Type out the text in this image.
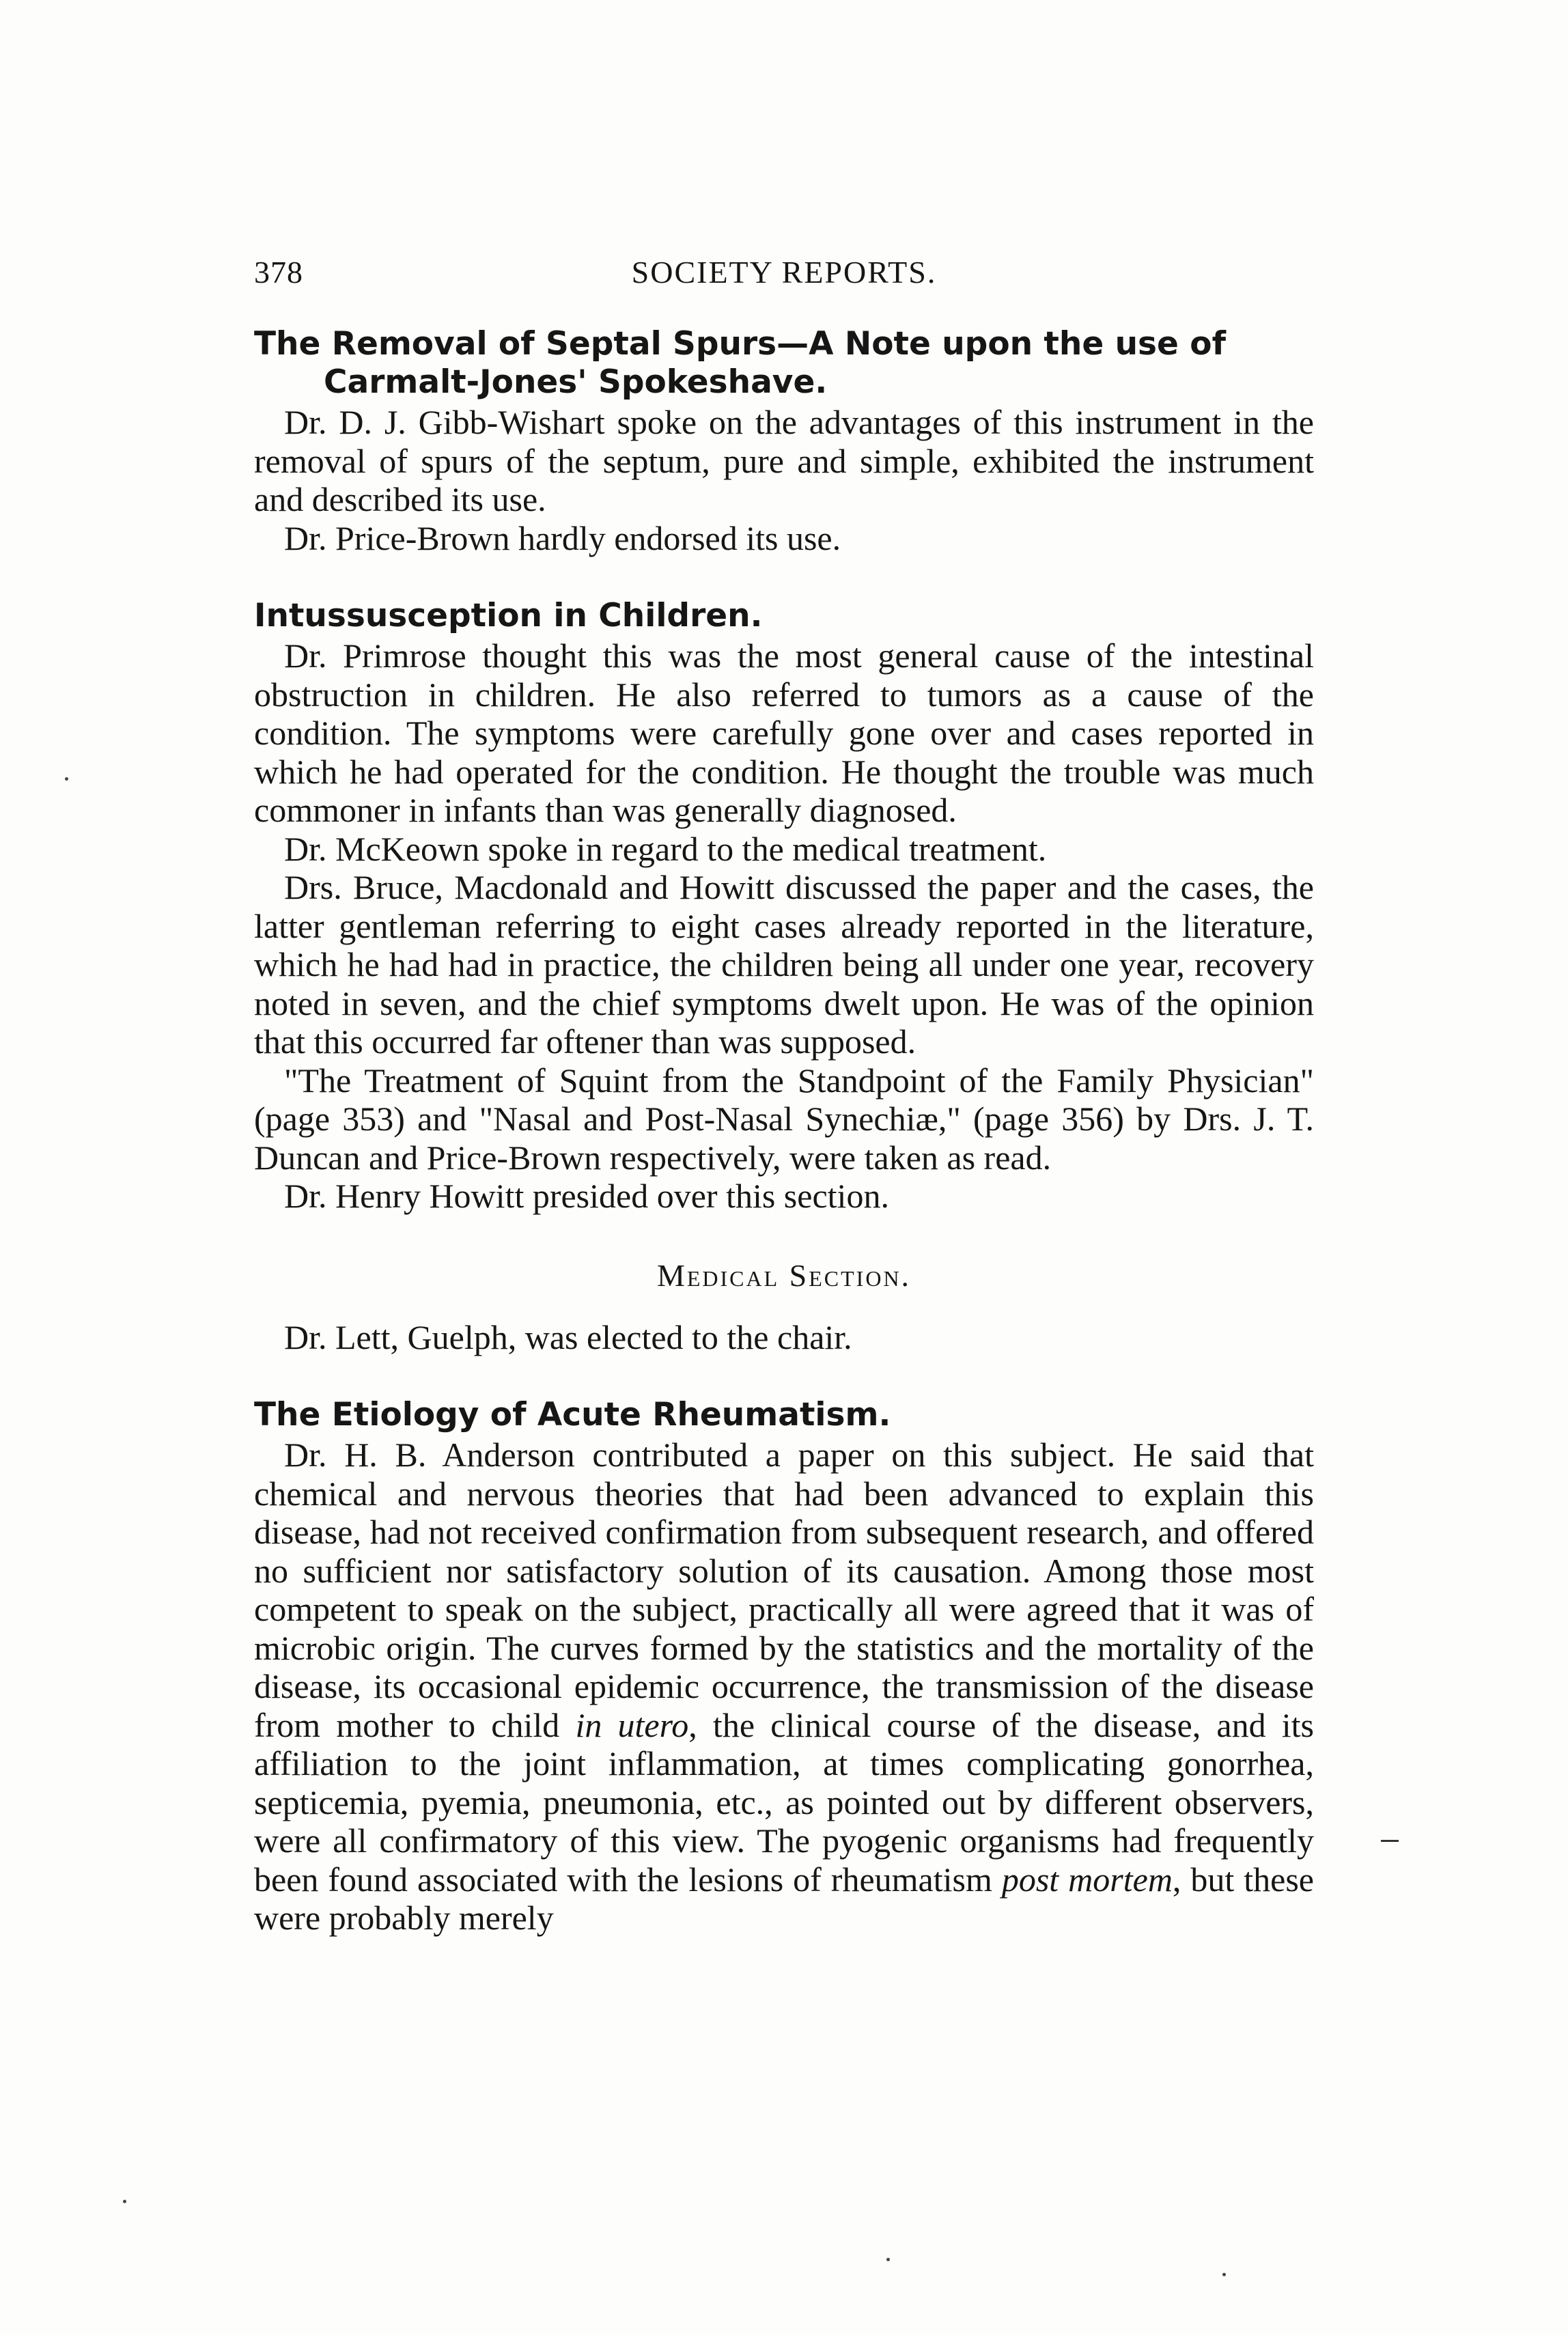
378	SOCIETY REPORTS.
The Removal of Septal Spurs—A Note upon the use of Carmalt-Jones' Spokeshave.

Dr. D. J. Gibb-Wishart spoke on the advantages of this instrument in the removal of spurs of the septum, pure and simple, exhibited the instrument and described its use.

Dr. Price-Brown hardly endorsed its use.

Intussusception in Children.

Dr. Primrose thought this was the most general cause of the intestinal obstruction in children. He also referred to tumors as a cause of the condition. The symptoms were carefully gone over and cases reported in which he had operated for the condition. He thought the trouble was much commoner in infants than was generally diagnosed.

Dr. McKeown spoke in regard to the medical treatment.

Drs. Bruce, Macdonald and Howitt discussed the paper and the cases, the latter gentleman referring to eight cases already reported in the literature, which he had had in practice, the children being all under one year, recovery noted in seven, and the chief symptoms dwelt upon. He was of the opinion that this occurred far oftener than was supposed.

"The Treatment of Squint from the Standpoint of the Family Physician" (page 353) and "Nasal and Post-Nasal Synechiæ," (page 356) by Drs. J. T. Duncan and Price-Brown respectively, were taken as read.

Dr. Henry Howitt presided over this section.

Medical Section.

Dr. Lett, Guelph, was elected to the chair.

The Etiology of Acute Rheumatism.

Dr. H. B. Anderson contributed a paper on this subject. He said that chemical and nervous theories that had been advanced to explain this disease, had not received confirmation from subsequent research, and offered no sufficient nor satisfactory solution of its causation. Among those most competent to speak on the subject, practically all were agreed that it was of microbic origin. The curves formed by the statistics and the mortality of the disease, its occasional epidemic occurrence, the transmission of the disease from mother to child in utero, the clinical course of the disease, and its affiliation to the joint inflammation, at times complicating gonorrhea, septicemia, pyemia, pneumonia, etc., as pointed out by different observers, were all confirmatory of this view. The pyogenic organisms had frequently been found associated with the lesions of rheumatism post mortem, but these were probably merely
